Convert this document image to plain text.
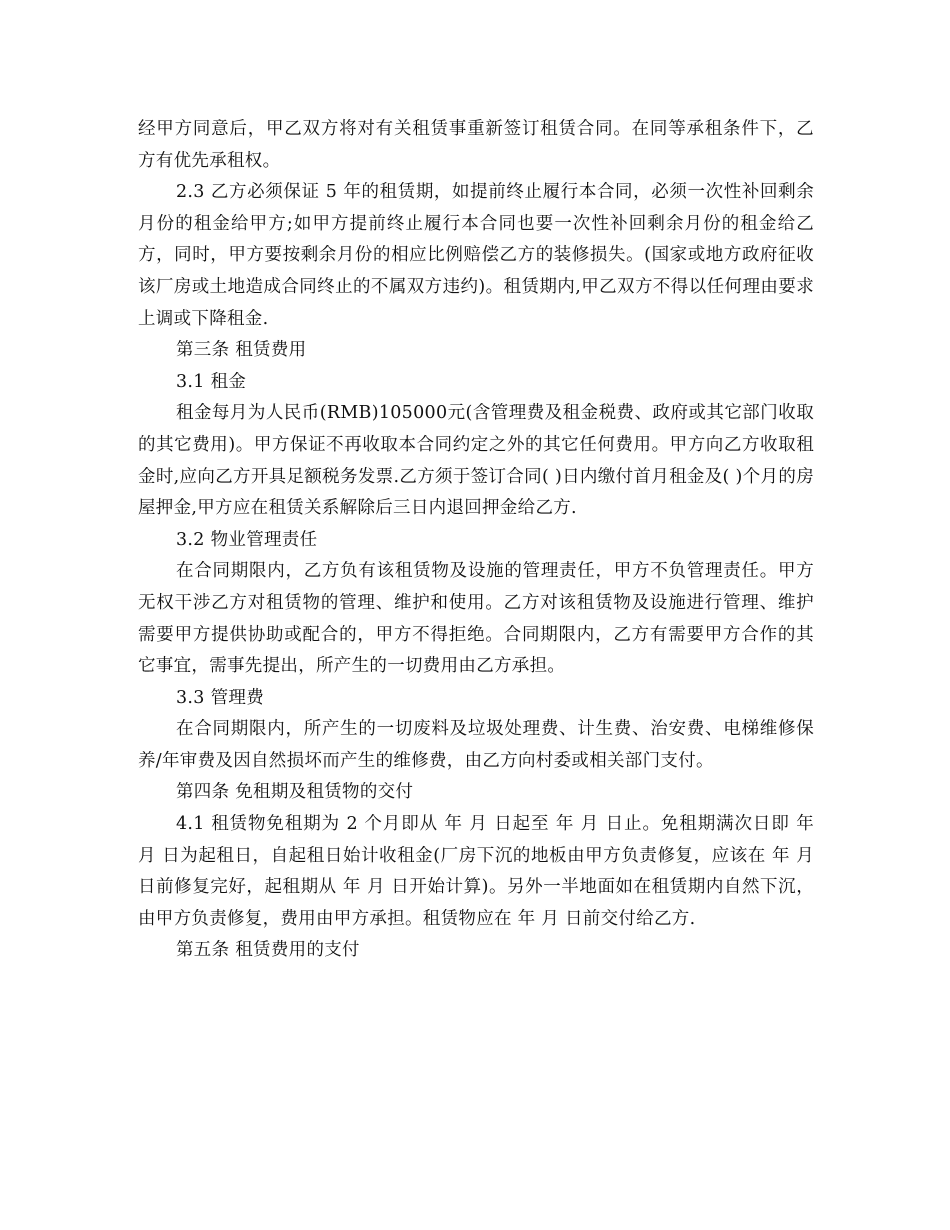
经甲方同意后，甲乙双方将对有关租赁事重新签订租赁合同。在同等承租条件下，乙方有优先承租权。

2.3 乙方必须保证 5 年的租赁期，如提前终止履行本合同，必须一次性补回剩余月份的租金给甲方;如甲方提前终止履行本合同也要一次性补回剩余月份的租金给乙方，同时，甲方要按剩余月份的相应比例赔偿乙方的装修损失。(国家或地方政府征收该厂房或土地造成合同终止的不属双方违约)。租赁期内,甲乙双方不得以任何理由要求上调或下降租金.

第三条 租赁费用

3.1 租金

租金每月为人民币(RMB)105000元(含管理费及租金税费、政府或其它部门收取的其它费用)。甲方保证不再收取本合同约定之外的其它任何费用。甲方向乙方收取租金时,应向乙方开具足额税务发票.乙方须于签订合同( )日内缴付首月租金及( )个月的房屋押金,甲方应在租赁关系解除后三日内退回押金给乙方.

3.2 物业管理责任

在合同期限内，乙方负有该租赁物及设施的管理责任，甲方不负管理责任。甲方无权干涉乙方对租赁物的管理、维护和使用。乙方对该租赁物及设施进行管理、维护需要甲方提供协助或配合的，甲方不得拒绝。合同期限内，乙方有需要甲方合作的其它事宜，需事先提出，所产生的一切费用由乙方承担。

3.3 管理费

在合同期限内，所产生的一切废料及垃圾处理费、计生费、治安费、电梯维修保养/年审费及因自然损坏而产生的维修费，由乙方向村委或相关部门支付。

第四条 免租期及租赁物的交付

4.1 租赁物免租期为 2 个月即从 年 月 日起至 年 月 日止。免租期满次日即 年 月 日为起租日，自起租日始计收租金(厂房下沉的地板由甲方负责修复，应该在 年 月 日前修复完好，起租期从 年 月 日开始计算)。另外一半地面如在租赁期内自然下沉，由甲方负责修复，费用由甲方承担。租赁物应在 年 月 日前交付给乙方.

第五条 租赁费用的支付
